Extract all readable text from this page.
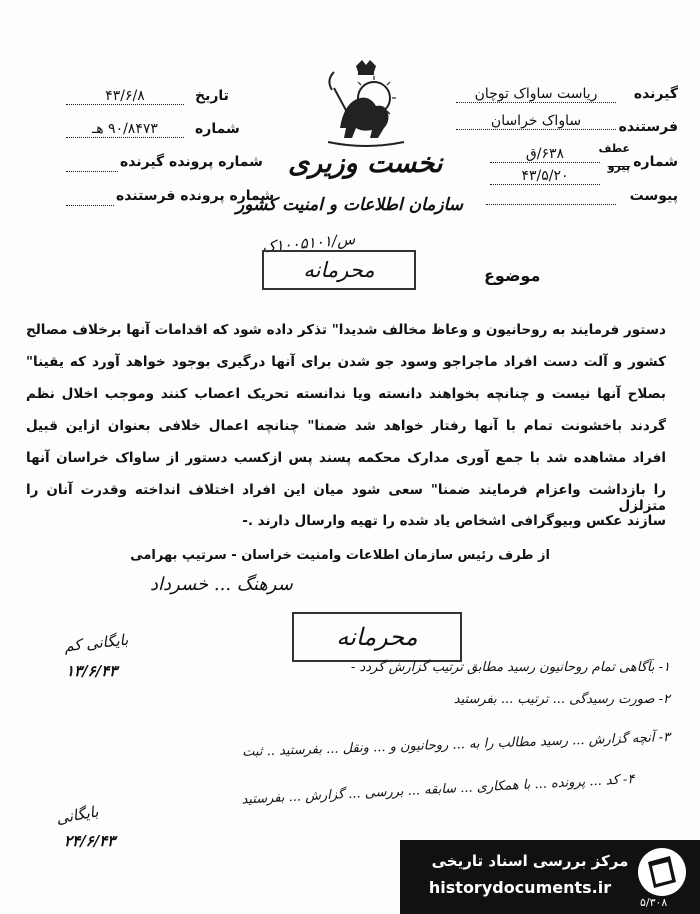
گیرنده
ریاست ساواک توچان
فرستنده
ساواک خراسان
شماره
عطف
پیرو
۶۳۸/ق
۴۳/۵/۲۰
پیوست
نخست وزیری
سازمان اطلاعات و امنیت کشور
تاریخ
۴۳/۶/۸
شماره
۹۰/۸۴۷۳ هـ
شماره پرونده گیرنده
شماره پرونده فرستنده
س/۱۰۰۵۱۰۱ک
محرمانه	موضوع
دستور فرمایند به روحانیون و وعاظ مخالف شدیدا" تذکر داده شود که اقدامات آنها برخلاف مصالح
کشور و آلت دست افراد ماجراجو وسود جو شدن برای آنها درگیری بوجود خواهد آورد که یقینا"
بصلاح آنها نیست و چنانچه بخواهند دانسته ویا ندانسته تحریک اعصاب کنند وموجب اخلال نظم
گردند باخشونت تمام با آنها رفتار خواهد شد ضمنا" چنانچه اعمال خلافی بعنوان ازاین قبیل
افراد مشاهده شد با جمع آوری مدارک محکمه پسند پس ازکسب دستور از ساواک خراسان آنها
را بازداشت واعزام فرمایند ضمنا" سعی شود میان این افراد اختلاف انداخته وقدرت آنان را متزلزل
سازند عکس وبیوگرافی اشخاص یاد شده را تهیه وارسال دارند .-
از طرف رئیس سازمان اطلاعات وامنیت خراسان - سرتیپ بهرامی
سرهنگ ... خسرداد
محرمانه
بایگانی کم
۱۳/۶/۴۳	۱- بآگاهی تمام روحانیون رسید مطابق ترتیب گزارش گردد -
۲- صورت رسیدگی ... ترتیب ... بفرستید
۳- آنچه گزارش ... رسید مطالب را به ... روحانیون و ... ونقل ... بفرستید .. ثبت
۴- کد ... پرونده ... با همکاری ... سابقه ... بررسی ... گزارش ... بفرستید
بایگانی
۲۴/۶/۴۳
مرکز بررسی اسناد تاریخی
historydocuments.ir
۵/۳۰۸
